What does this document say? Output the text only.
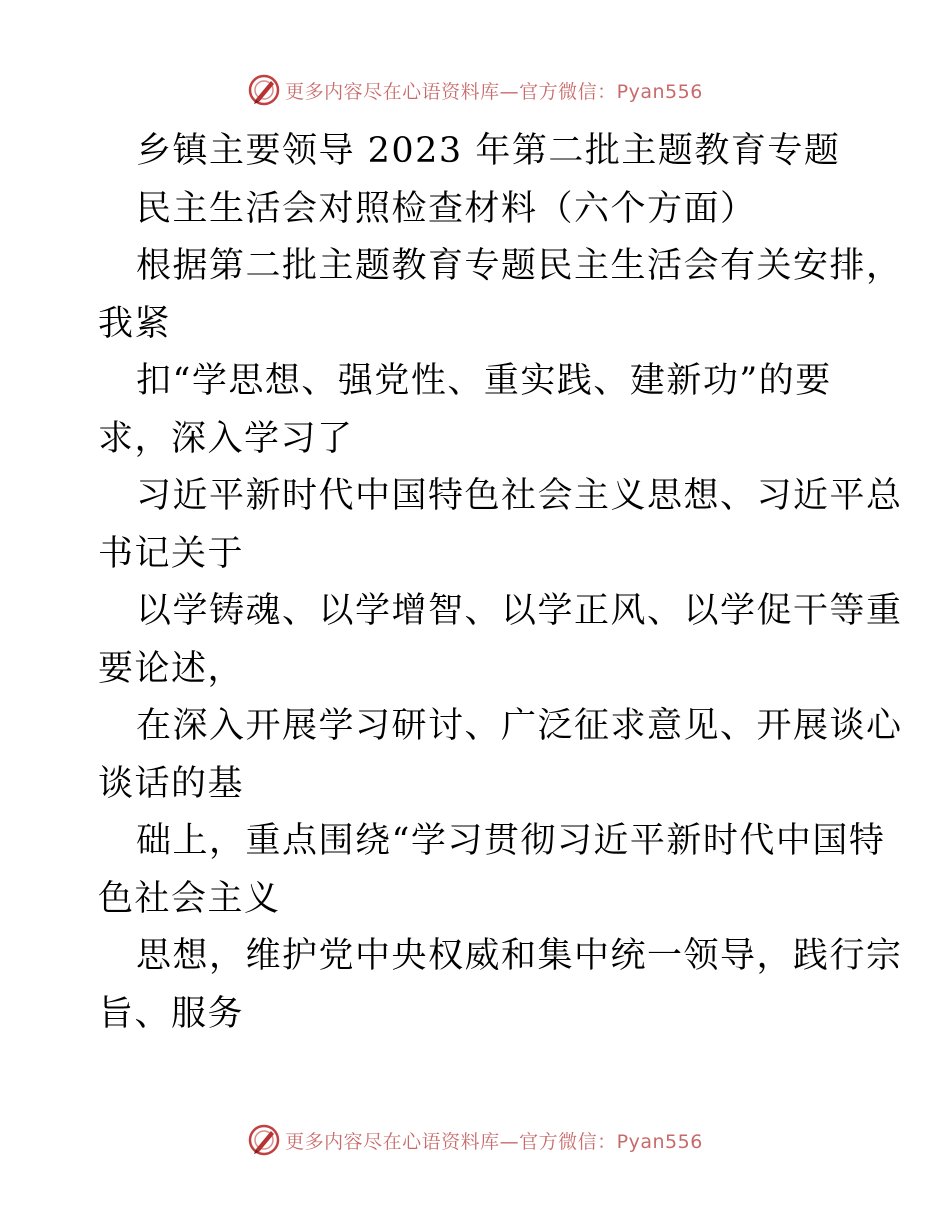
更多内容尽在心语资料库—官方微信：Pyan556
乡镇主要领导 2023 年第二批主题教育专题
民主生活会对照检查材料（六个方面）
根据第二批主题教育专题民主生活会有关安排，
我紧
扣“学思想、强党性、重实践、建新功”的要
求，深入学习了
习近平新时代中国特色社会主义思想、习近平总
书记关于
以学铸魂、以学增智、以学正风、以学促干等重
要论述，
在深入开展学习研讨、广泛征求意见、开展谈心
谈话的基
础上，重点围绕“学习贯彻习近平新时代中国特
色社会主义
思想，维护党中央权威和集中统一领导，践行宗
旨、服务
更多内容尽在心语资料库—官方微信：Pyan556
